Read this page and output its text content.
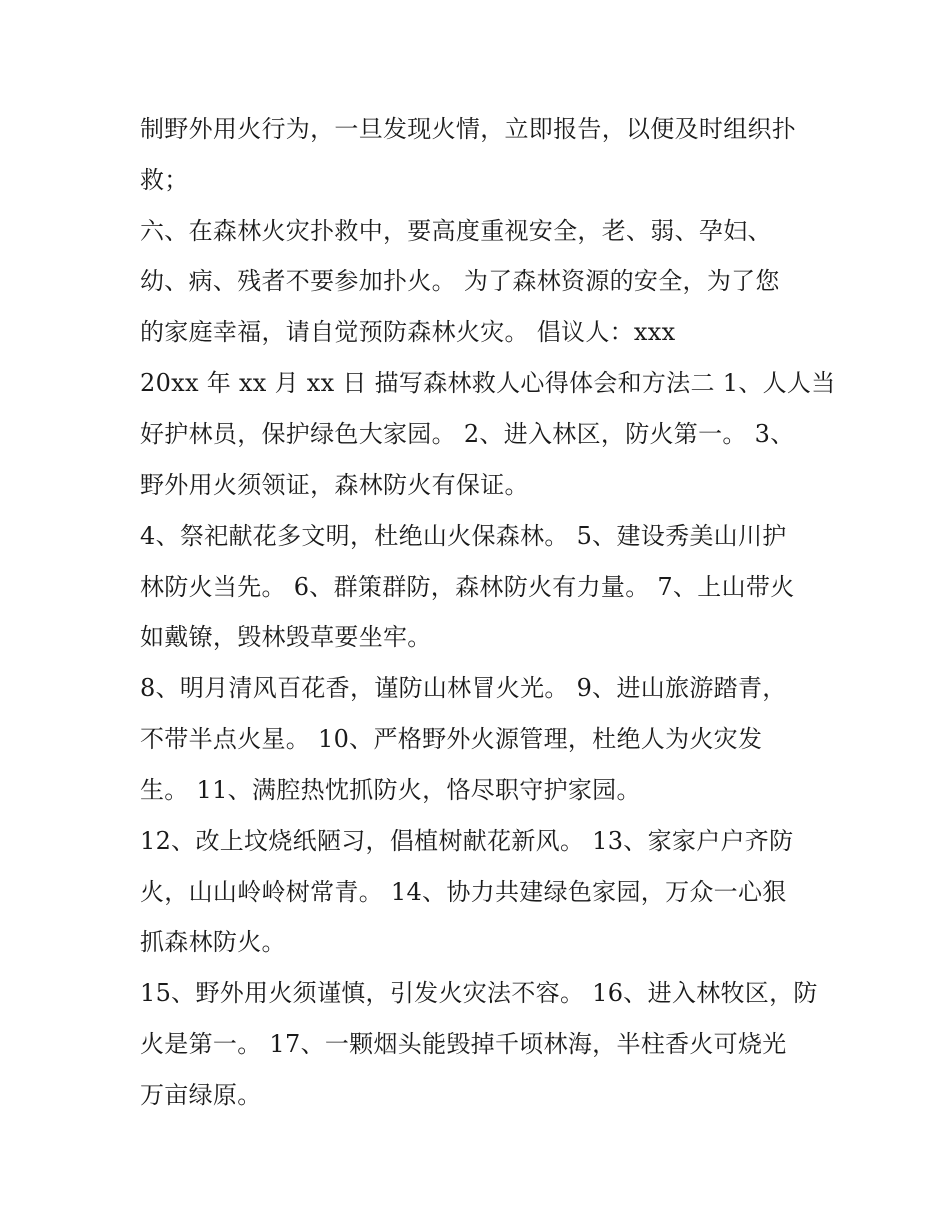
制野外用火行为，一旦发现火情，立即报告，以便及时组织扑
救；
六、在森林火灾扑救中，要高度重视安全，老、弱、孕妇、
幼、病、残者不要参加扑火。 为了森林资源的安全，为了您
的家庭幸福，请自觉预防森林火灾。 倡议人：xxx
20xx 年 xx 月 xx 日 描写森林救人心得体会和方法二 1、人人当
好护林员，保护绿色大家园。 2、进入林区，防火第一。 3、
野外用火须领证，森林防火有保证。
4、祭祀献花多文明，杜绝山火保森林。 5、建设秀美山川护
林防火当先。 6、群策群防，森林防火有力量。 7、上山带火
如戴镣，毁林毁草要坐牢。
8、明月清风百花香，谨防山林冒火光。 9、进山旅游踏青，
不带半点火星。 10、严格野外火源管理，杜绝人为火灾发
生。 11、满腔热忱抓防火，恪尽职守护家园。
12、改上坟烧纸陋习，倡植树献花新风。 13、家家户户齐防
火，山山岭岭树常青。 14、协力共建绿色家园，万众一心狠
抓森林防火。
15、野外用火须谨慎，引发火灾法不容。 16、进入林牧区，防
火是第一。 17、一颗烟头能毁掉千顷林海，半柱香火可烧光
万亩绿原。
